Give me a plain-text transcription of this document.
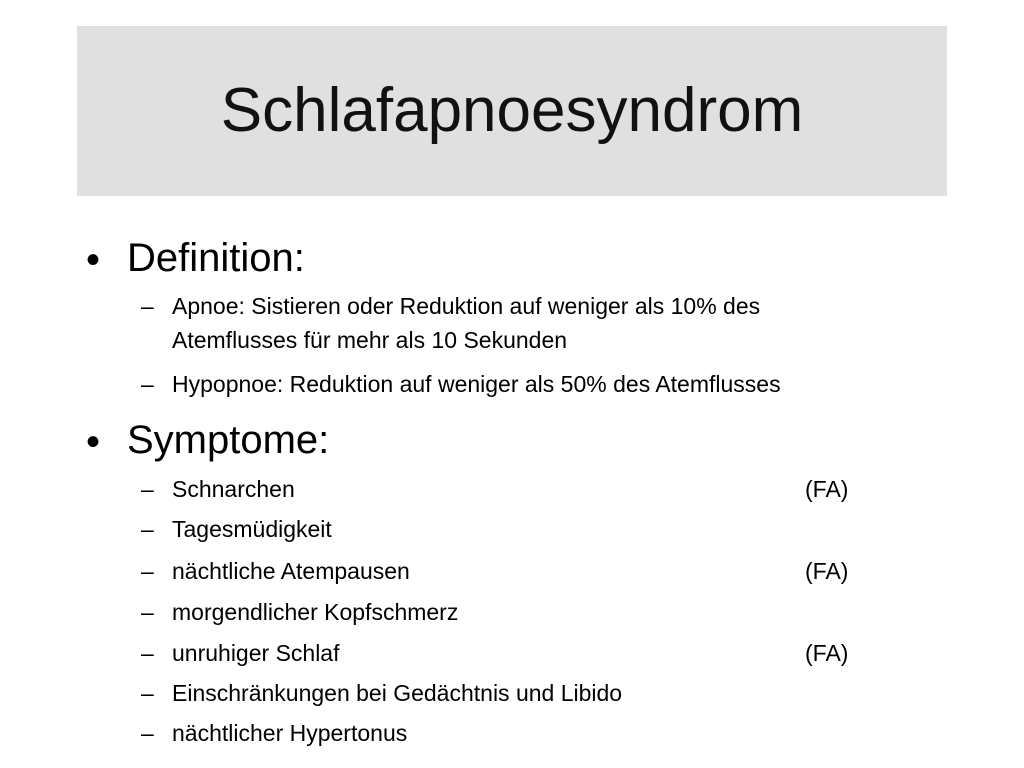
Schlafapnoesyndrom
• Definition:
– Apnoe: Sistieren oder Reduktion auf weniger als 10% des
Atemflusses für mehr als 10 Sekunden
– Hypopnoe: Reduktion auf weniger als 50% des Atemflusses
• Symptome:
– Schnarchen	(FA)
– Tagesmüdigkeit
– nächtliche Atempausen	(FA)
– morgendlicher Kopfschmerz
– unruhiger Schlaf	(FA)
– Einschränkungen bei Gedächtnis und Libido
– nächtlicher Hypertonus
